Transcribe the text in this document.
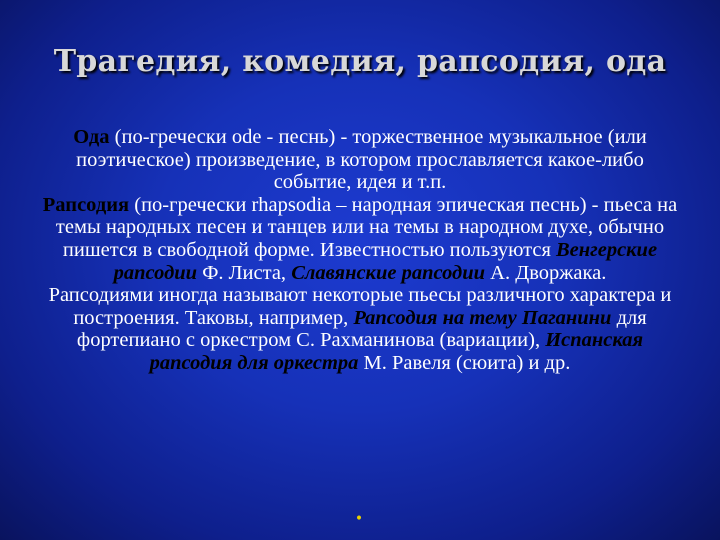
Трагедия, комедия, рапсодия, ода

Ода (по-гречески ode - песнь) - торжественное музыкальное (или поэтическое) произведение, в котором прославляется какое-либо событие, идея и т.п.

Рапсодия (по-гречески rhapsodia – народная эпическая песнь) - пьеса на темы народных песен и танцев или на темы в народном духе, обычно пишется в свободной форме. Известностью пользуются Венгерские рапсодии Ф. Листа, Славянские рапсодии А. Дворжака.

Рапсодиями иногда называют некоторые пьесы различного характера и построения. Таковы, например, Рапсодия на тему Паганини для фортепиано с оркестром С. Рахманинова (вариации), Испанская рапсодия для оркестра М. Равеля (сюита) и др.

•
